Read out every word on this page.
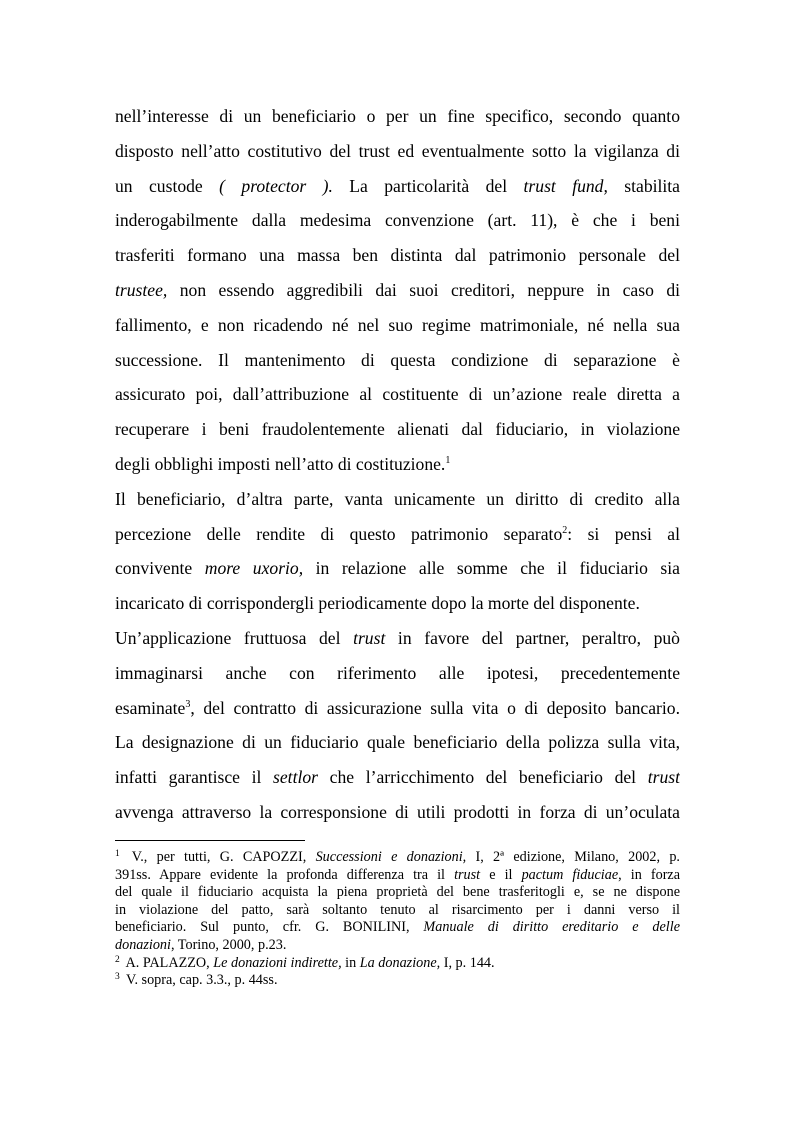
nell’interesse di un beneficiario o per un fine specifico, secondo quanto
disposto nell’atto costitutivo del trust ed eventualmente sotto la vigilanza di
un custode ( protector ). La particolarità del trust fund, stabilita
inderogabilmente dalla medesima convenzione (art. 11), è che i beni
trasferiti formano una massa ben distinta dal patrimonio personale del
trustee, non essendo aggredibili dai suoi creditori, neppure in caso di
fallimento, e non ricadendo né nel suo regime matrimoniale, né nella sua
successione. Il mantenimento di questa condizione di separazione è
assicurato poi, dall’attribuzione al costituente di un’azione reale diretta a
recuperare i beni fraudolentemente alienati dal fiduciario, in violazione
degli obblighi imposti nell’atto di costituzione.$^1$
Il beneficiario, d’altra parte, vanta unicamente un diritto di credito alla
percezione delle rendite di questo patrimonio separato$^2$: si pensi al
convivente more uxorio, in relazione alle somme che il fiduciario sia
incaricato di corrispondergli periodicamente dopo la morte del disponente.
Un’applicazione fruttuosa del trust in favore del partner, peraltro, può
immaginarsi anche con riferimento alle ipotesi, precedentemente
esaminate$^3$, del contratto di assicurazione sulla vita o di deposito bancario.
La designazione di un fiduciario quale beneficiario della polizza sulla vita,
infatti garantisce il settlor che l’arricchimento del beneficiario del trust
avvenga attraverso la corresponsione di utili prodotti in forza di un’oculata
$^1$ V., per tutti, G. CAPOZZI, Successioni e donazioni, I, 2ª edizione, Milano, 2002, p.
391ss. Appare evidente la profonda differenza tra il trust e il pactum fiduciae, in forza
del quale il fiduciario acquista la piena proprietà del bene trasferitogli e, se ne dispone
in violazione del patto, sarà soltanto tenuto al risarcimento per i danni verso il
beneficiario. Sul punto, cfr. G. BONILINI, Manuale di diritto ereditario e delle
donazioni, Torino, 2000, p.23.
$^2$ A. PALAZZO, Le donazioni indirette, in La donazione, I, p. 144.
$^3$ V. sopra, cap. 3.3., p. 44ss.
